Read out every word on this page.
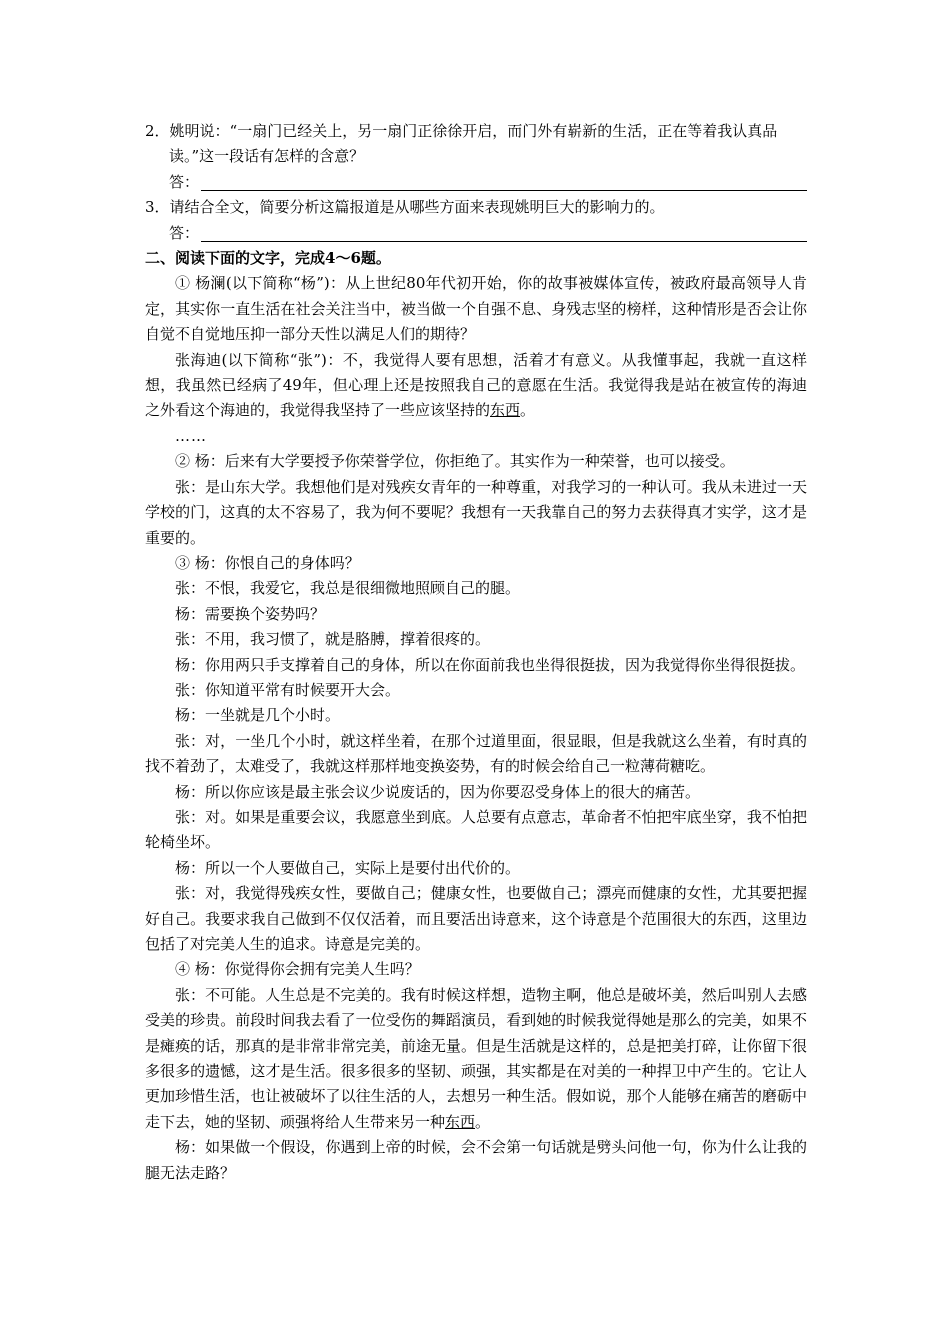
2．姚明说：“一扇门已经关上，另一扇门正徐徐开启，而门外有崭新的生活，正在等着我认真品读。”这一段话有怎样的含意？

答：

3．请结合全文，简要分析这篇报道是从哪些方面来表现姚明巨大的影响力的。

答：

二、阅读下面的文字，完成4～6题。

① 杨澜(以下简称“杨”)：从上世纪80年代初开始，你的故事被媒体宣传，被政府最高领导人肯定，其实你一直生活在社会关注当中，被当做一个自强不息、身残志坚的榜样，这种情形是否会让你自觉不自觉地压抑一部分天性以满足人们的期待？

张海迪(以下简称“张”)：不，我觉得人要有思想，活着才有意义。从我懂事起，我就一直这样想，我虽然已经病了49年，但心理上还是按照我自己的意愿在生活。我觉得我是站在被宣传的海迪之外看这个海迪的，我觉得我坚持了一些应该坚持的东西。

……

② 杨：后来有大学要授予你荣誉学位，你拒绝了。其实作为一种荣誉，也可以接受。

张：是山东大学。我想他们是对残疾女青年的一种尊重，对我学习的一种认可。我从未进过一天学校的门，这真的太不容易了，我为何不要呢？我想有一天我靠自己的努力去获得真才实学，这才是重要的。

③ 杨：你恨自己的身体吗？

张：不恨，我爱它，我总是很细微地照顾自己的腿。

杨：需要换个姿势吗？

张：不用，我习惯了，就是胳膊，撑着很疼的。

杨：你用两只手支撑着自己的身体，所以在你面前我也坐得很挺拔，因为我觉得你坐得很挺拔。

张：你知道平常有时候要开大会。

杨：一坐就是几个小时。

张：对，一坐几个小时，就这样坐着，在那个过道里面，很显眼，但是我就这么坐着，有时真的找不着劲了，太难受了，我就这样那样地变换姿势，有的时候会给自己一粒薄荷糖吃。

杨：所以你应该是最主张会议少说废话的，因为你要忍受身体上的很大的痛苦。

张：对。如果是重要会议，我愿意坐到底。人总要有点意志，革命者不怕把牢底坐穿，我不怕把轮椅坐坏。

杨：所以一个人要做自己，实际上是要付出代价的。

张：对，我觉得残疾女性，要做自己；健康女性，也要做自己；漂亮而健康的女性，尤其要把握好自己。我要求我自己做到不仅仅活着，而且要活出诗意来，这个诗意是个范围很大的东西，这里边包括了对完美人生的追求。诗意是完美的。

④ 杨：你觉得你会拥有完美人生吗？

张：不可能。人生总是不完美的。我有时候这样想，造物主啊，他总是破坏美，然后叫别人去感受美的珍贵。前段时间我去看了一位受伤的舞蹈演员，看到她的时候我觉得她是那么的完美，如果不是瘫痪的话，那真的是非常非常完美，前途无量。但是生活就是这样的，总是把美打碎，让你留下很多很多的遗憾，这才是生活。很多很多的坚韧、顽强，其实都是在对美的一种捍卫中产生的。它让人更加珍惜生活，也让被破坏了以往生活的人，去想另一种生活。假如说，那个人能够在痛苦的磨砺中走下去，她的坚韧、顽强将给人生带来另一种东西。

杨：如果做一个假设，你遇到上帝的时候，会不会第一句话就是劈头问他一句，你为什么让我的腿无法走路？
